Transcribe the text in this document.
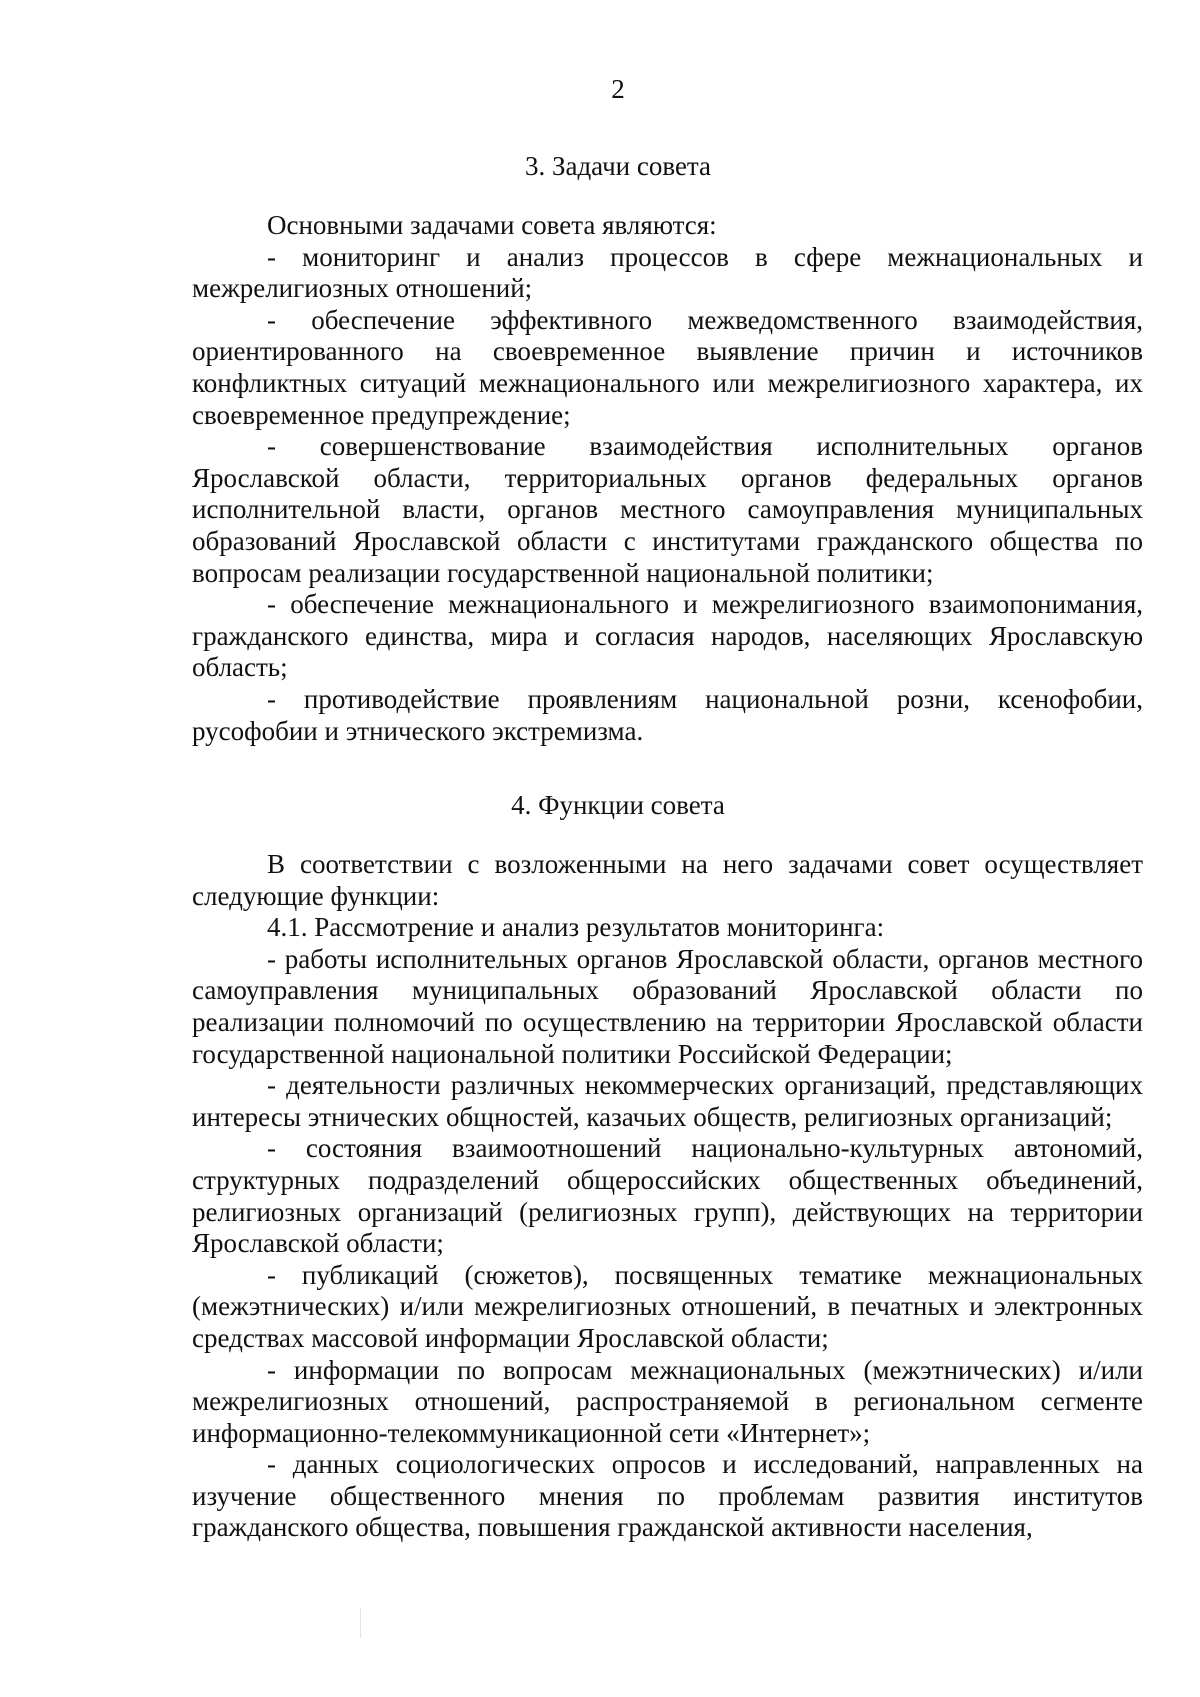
2
3. Задачи совета

Основными задачами совета являются:

- мониторинг и анализ процессов в сфере межнациональных и межрелигиозных отношений;

- обеспечение эффективного межведомственного взаимодействия, ориентированного на своевременное выявление причин и источников конфликтных ситуаций межнационального или межрелигиозного характера, их своевременное предупреждение;

- совершенствование взаимодействия исполнительных органов Ярославской области, территориальных органов федеральных органов исполнительной власти, органов местного самоуправления муниципальных образований Ярославской области с институтами гражданского общества по вопросам реализации государственной национальной политики;

- обеспечение межнационального и межрелигиозного взаимопонимания, гражданского единства, мира и согласия народов, населяющих Ярославскую область;

- противодействие проявлениям национальной розни, ксенофобии, русофобии и этнического экстремизма.

4. Функции совета

В соответствии с возложенными на него задачами совет осуществляет следующие функции:

4.1. Рассмотрение и анализ результатов мониторинга:

- работы исполнительных органов Ярославской области, органов местного самоуправления муниципальных образований Ярославской области по реализации полномочий по осуществлению на территории Ярославской области государственной национальной политики Российской Федерации;

- деятельности различных некоммерческих организаций, представляющих интересы этнических общностей, казачьих обществ, религиозных организаций;

- состояния взаимоотношений национально-культурных автономий, структурных подразделений общероссийских общественных объединений, религиозных организаций (религиозных групп), действующих на территории Ярославской области;

- публикаций (сюжетов), посвященных тематике межнациональных (межэтнических) и/или межрелигиозных отношений, в печатных и электронных средствах массовой информации Ярославской области;

- информации по вопросам межнациональных (межэтнических) и/или межрелигиозных отношений, распространяемой в региональном сегменте информационно-телекоммуникационной сети «Интернет»;

- данных социологических опросов и исследований, направленных на изучение общественного мнения по проблемам развития институтов гражданского общества, повышения гражданской активности населения,
